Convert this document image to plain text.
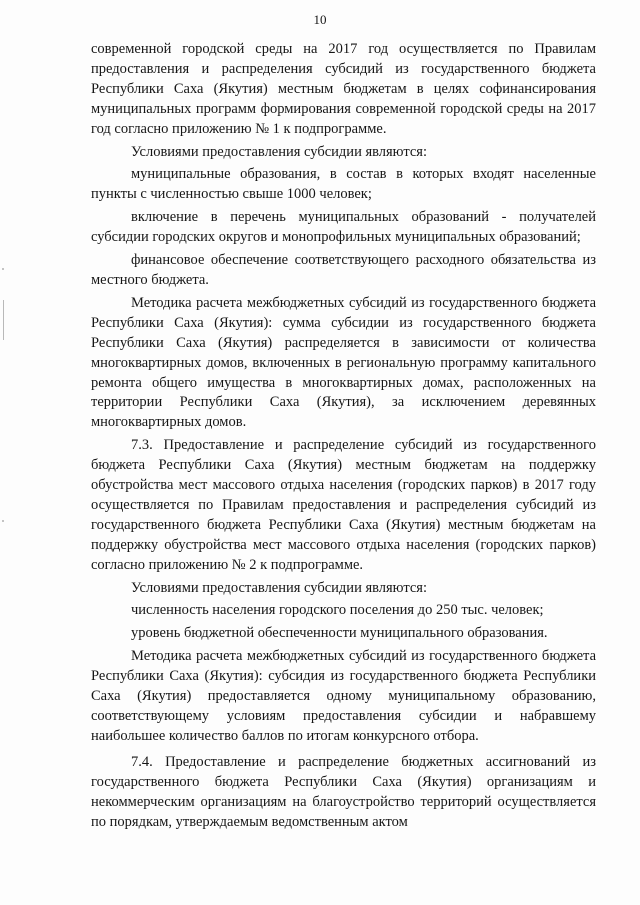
10

современной городской среды на 2017 год осуществляется по Правилам предоставления и распределения субсидий из государственного бюджета Республики Саха (Якутия) местным бюджетам в целях софинансирования муниципальных программ формирования современной городской среды на 2017 год согласно приложению № 1 к подпрограмме.

Условиями предоставления субсидии являются:

муниципальные образования, в состав в которых входят населенные пункты с численностью свыше 1000 человек;

включение в перечень муниципальных образований - получателей субсидии городских округов и монопрофильных муниципальных образований;

финансовое обеспечение соответствующего расходного обязательства из местного бюджета.

Методика расчета межбюджетных субсидий из государственного бюджета Республики Саха (Якутия): сумма субсидии из государственного бюджета Республики Саха (Якутия) распределяется в зависимости от количества многоквартирных домов, включенных в региональную программу капитального ремонта общего имущества в многоквартирных домах, расположенных на территории Республики Саха (Якутия), за исключением деревянных многоквартирных домов.

7.3. Предоставление и распределение субсидий из государственного бюджета Республики Саха (Якутия) местным бюджетам на поддержку обустройства мест массового отдыха населения (городских парков) в 2017 году осуществляется по Правилам предоставления и распределения субсидий из государственного бюджета Республики Саха (Якутия) местным бюджетам на поддержку обустройства мест массового отдыха населения (городских парков) согласно приложению № 2 к подпрограмме.

Условиями предоставления субсидии являются:

численность населения городского поселения до 250 тыс. человек;

уровень бюджетной обеспеченности муниципального образования.

Методика расчета межбюджетных субсидий из государственного бюджета Республики Саха (Якутия): субсидия из государственного бюджета Республики Саха (Якутия) предоставляется одному муниципальному образованию, соответствующему условиям предоставления субсидии и набравшему наибольшее количество баллов по итогам конкурсного отбора.

7.4. Предоставление и распределение бюджетных ассигнований из государственного бюджета Республики Саха (Якутия) организациям и некоммерческим организациям на благоустройство территорий осуществляется по порядкам, утверждаемым ведомственным актом
